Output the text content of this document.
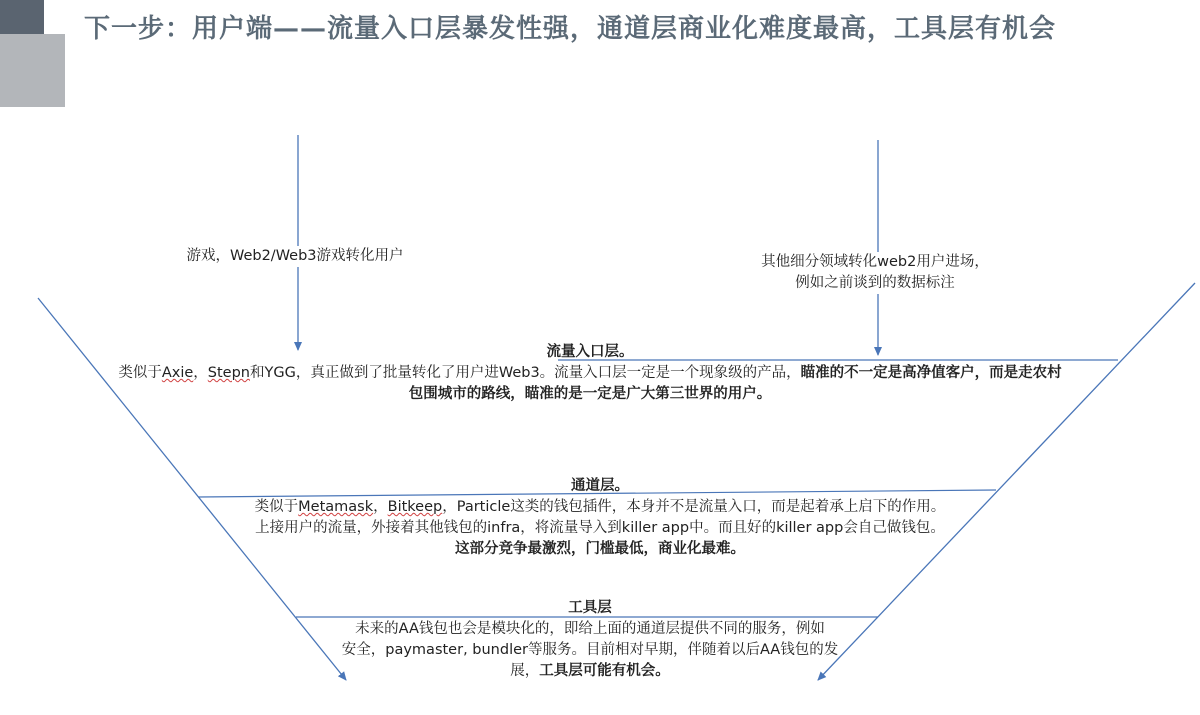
下一步：用户端——流量入口层暴发性强，通道层商业化难度最高，工具层有机会
游戏，Web2/Web3游戏转化用户	其他细分领域转化web2用户进场，
例如之前谈到的数据标注
流量入口层。
类似于Axie，Stepn和YGG，真正做到了批量转化了用户进Web3。流量入口层一定是一个现象级的产品，瞄准的不一定是高净值客户，而是走农村
包围城市的路线，瞄准的是一定是广大第三世界的用户。
通道层。
类似于Metamask，Bitkeep，Particle这类的钱包插件，本身并不是流量入口，而是起着承上启下的作用。
上接用户的流量，外接着其他钱包的infra，将流量导入到killer app中。而且好的killer app会自己做钱包。
这部分竞争最激烈，门槛最低，商业化最难。
工具层
未来的AA钱包也会是模块化的，即给上面的通道层提供不同的服务，例如
安全，paymaster, bundler等服务。目前相对早期，伴随着以后AA钱包的发
展，工具层可能有机会。
